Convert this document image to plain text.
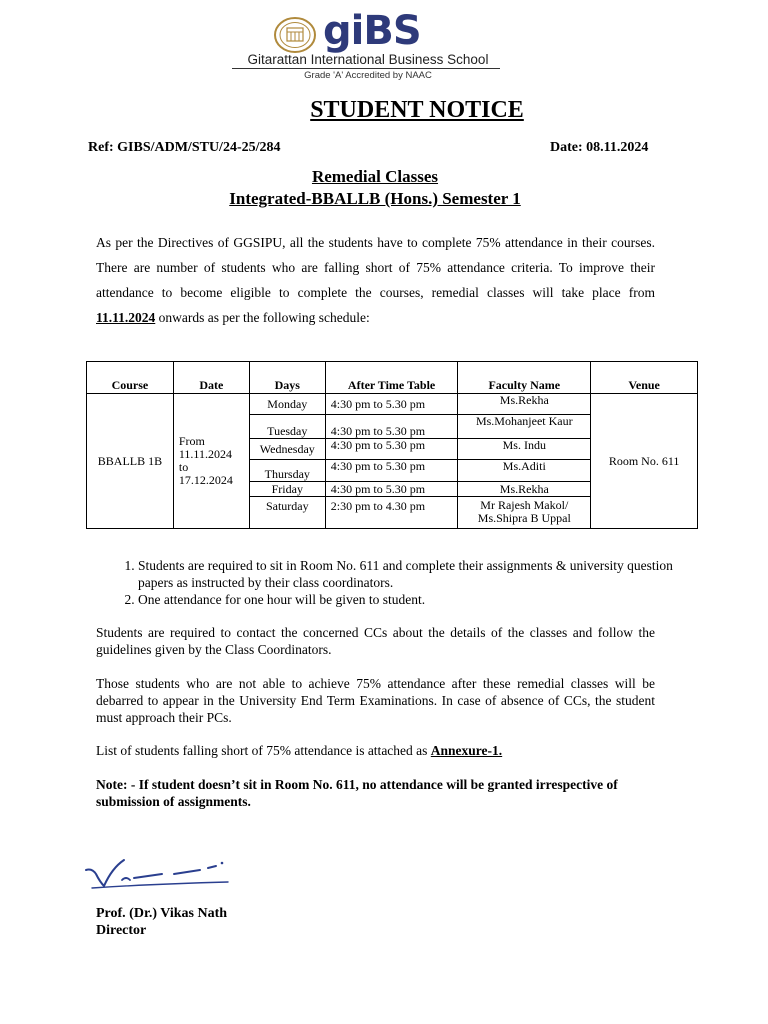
giBS
Gitarattan International Business School
Grade 'A' Accredited by NAAC
STUDENT NOTICE
Ref: GIBS/ADM/STU/24-25/284	Date: 08.11.2024
Remedial Classes
Integrated-BBALLB (Hons.) Semester 1
As per the Directives of GGSIPU, all the students have to complete 75% attendance in their courses. There are number of students who are falling short of 75% attendance criteria. To improve their attendance to become eligible to complete the courses, remedial classes will take place from 11.11.2024 onwards as per the following schedule:
Course	Date	Days	After Time Table	Faculty Name	Venue
BBALLB 1B	From
11.11.2024
to
17.12.2024	Monday	4:30 pm to 5.30 pm	Ms.Rekha	Room No. 611
		Tuesday	4:30 pm to 5.30 pm	Ms.Mohanjeet Kaur	
		Wednesday	4:30 pm to 5.30 pm	Ms. Indu	
		Thursday	4:30 pm to 5.30 pm	Ms.Aditi	
		Friday	4:30 pm to 5.30 pm	Ms.Rekha	
		Saturday	2:30 pm to 4.30 pm	Mr Rajesh Makol/
Ms.Shipra B Uppal	
1. Students are required to sit in Room No. 611 and complete their assignments & university question papers as instructed by their class coordinators.
2. One attendance for one hour will be given to student.
Students are required to contact the concerned CCs about the details of the classes and follow the guidelines given by the Class Coordinators.
Those students who are not able to achieve 75% attendance after these remedial classes will be debarred to appear in the University End Term Examinations. In case of absence of CCs, the student must approach their PCs.
List of students falling short of 75% attendance is attached as Annexure-1.
Note: - If student doesn’t sit in Room No. 611, no attendance will be granted irrespective of submission of assignments.
Prof. (Dr.) Vikas Nath
Director
